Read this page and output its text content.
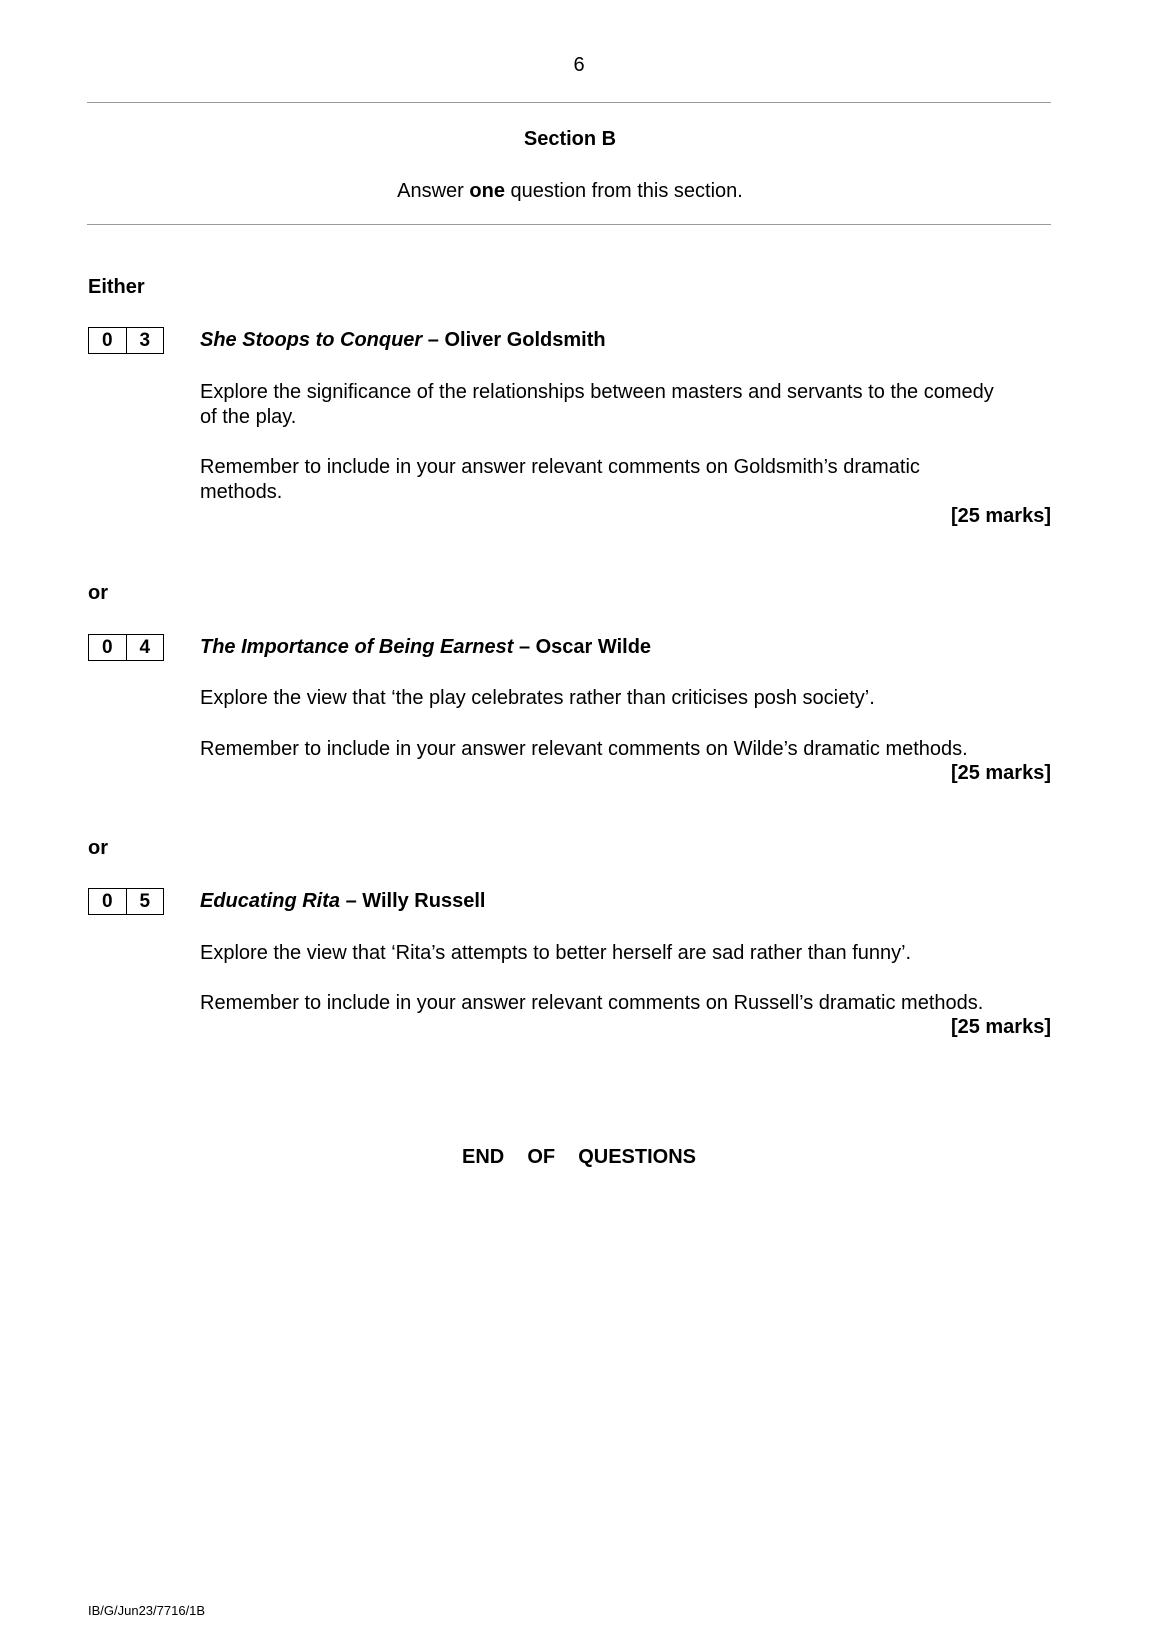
6
Section B
Answer one question from this section.
Either
0	3	She Stoops to Conquer – Oliver Goldsmith
Explore the significance of the relationships between masters and servants to the comedy of the play.
Remember to include in your answer relevant comments on Goldsmith’s dramatic methods.
[25 marks]
or
0	4	The Importance of Being Earnest – Oscar Wilde
Explore the view that ‘the play celebrates rather than criticises posh society’.
Remember to include in your answer relevant comments on Wilde’s dramatic methods.
[25 marks]
or
0	5	Educating Rita – Willy Russell
Explore the view that ‘Rita’s attempts to better herself are sad rather than funny’.
Remember to include in your answer relevant comments on Russell’s dramatic methods.
[25 marks]
END  OF  QUESTIONS
IB/G/Jun23/7716/1B
